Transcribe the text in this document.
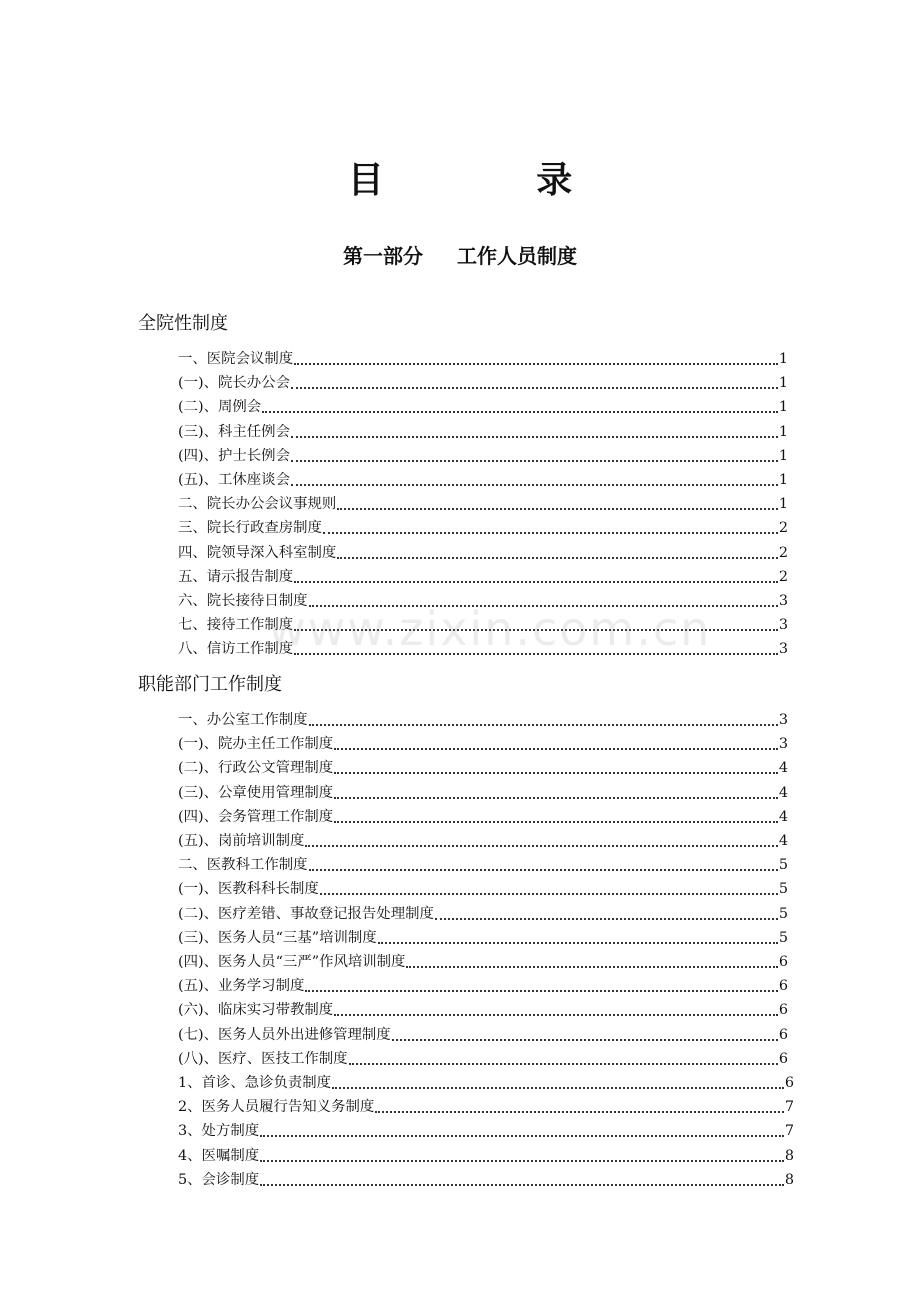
目 录
第一部分 工作人员制度
全院性制度
一、医院会议制度	1
(一)、院长办公会	1
(二)、周例会	1
(三)、科主任例会	1
(四)、护士长例会	1
(五)、工休座谈会	1
二、院长办公会议事规则	1
三、院长行政查房制度	2
四、院领导深入科室制度	2
五、请示报告制度	2
六、院长接待日制度	3
七、接待工作制度	3
八、信访工作制度	3
职能部门工作制度
一、办公室工作制度	3
(一)、院办主任工作制度	3
(二)、行政公文管理制度	4
(三)、公章使用管理制度	4
(四)、会务管理工作制度	4
(五)、岗前培训制度	4
二、医教科工作制度	5
(一)、医教科科长制度	5
(二)、医疗差错、事故登记报告处理制度	5
(三)、医务人员“三基”培训制度	5
(四)、医务人员“三严”作风培训制度	6
(五)、业务学习制度	6
(六)、临床实习带教制度	6
(七)、医务人员外出进修管理制度	6
(八)、医疗、医技工作制度	6
1、首诊、急诊负责制度	6
2、医务人员履行告知义务制度	7
3、处方制度	7
4、医嘱制度	8
5、会诊制度	8
www.zixin.com.cn
